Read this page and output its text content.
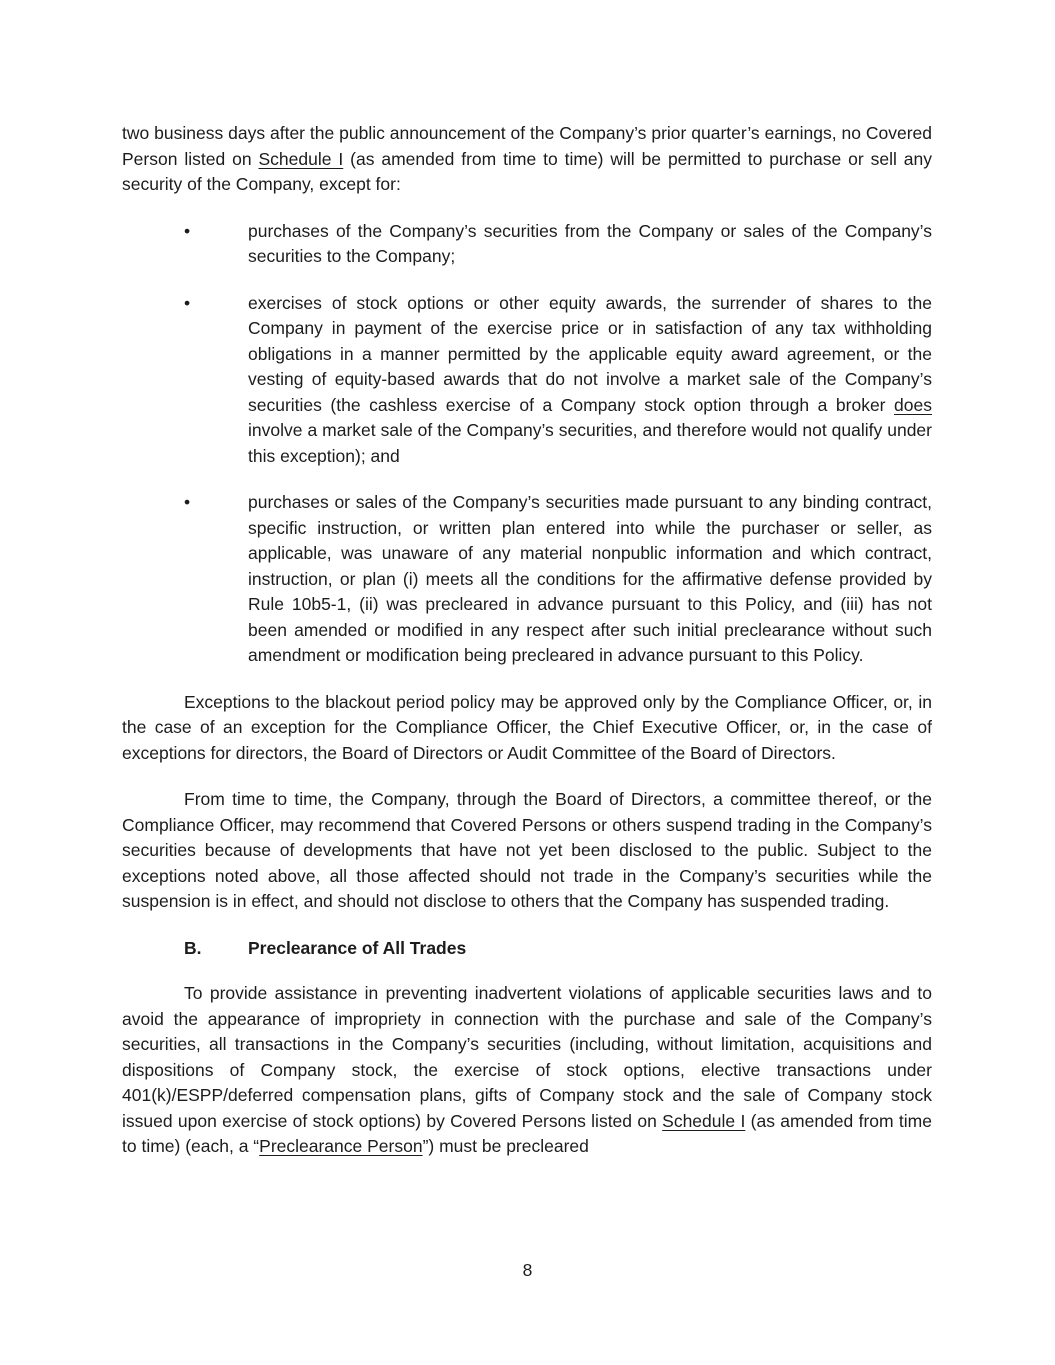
two business days after the public announcement of the Company’s prior quarter’s earnings, no Covered Person listed on Schedule I (as amended from time to time) will be permitted to purchase or sell any security of the Company, except for:

•	purchases of the Company’s securities from the Company or sales of the Company’s securities to the Company;
•	exercises of stock options or other equity awards, the surrender of shares to the Company in payment of the exercise price or in satisfaction of any tax withholding obligations in a manner permitted by the applicable equity award agreement, or the vesting of equity-based awards that do not involve a market sale of the Company’s securities (the cashless exercise of a Company stock option through a broker does involve a market sale of the Company’s securities, and therefore would not qualify under this exception); and
•	purchases or sales of the Company’s securities made pursuant to any binding contract, specific instruction, or written plan entered into while the purchaser or seller, as applicable, was unaware of any material nonpublic information and which contract, instruction, or plan (i) meets all the conditions for the affirmative defense provided by Rule 10b5-1, (ii) was precleared in advance pursuant to this Policy, and (iii) has not been amended or modified in any respect after such initial preclearance without such amendment or modification being precleared in advance pursuant to this Policy.

Exceptions to the blackout period policy may be approved only by the Compliance Officer, or, in the case of an exception for the Compliance Officer, the Chief Executive Officer, or, in the case of exceptions for directors, the Board of Directors or Audit Committee of the Board of Directors.

From time to time, the Company, through the Board of Directors, a committee thereof, or the Compliance Officer, may recommend that Covered Persons or others suspend trading in the Company’s securities because of developments that have not yet been disclosed to the public. Subject to the exceptions noted above, all those affected should not trade in the Company’s securities while the suspension is in effect, and should not disclose to others that the Company has suspended trading.

B.	Preclearance of All Trades

To provide assistance in preventing inadvertent violations of applicable securities laws and to avoid the appearance of impropriety in connection with the purchase and sale of the Company’s securities, all transactions in the Company’s securities (including, without limitation, acquisitions and dispositions of Company stock, the exercise of stock options, elective transactions under 401(k)/ESPP/deferred compensation plans, gifts of Company stock and the sale of Company stock issued upon exercise of stock options) by Covered Persons listed on Schedule I (as amended from time to time) (each, a “Preclearance Person”) must be precleared

8
